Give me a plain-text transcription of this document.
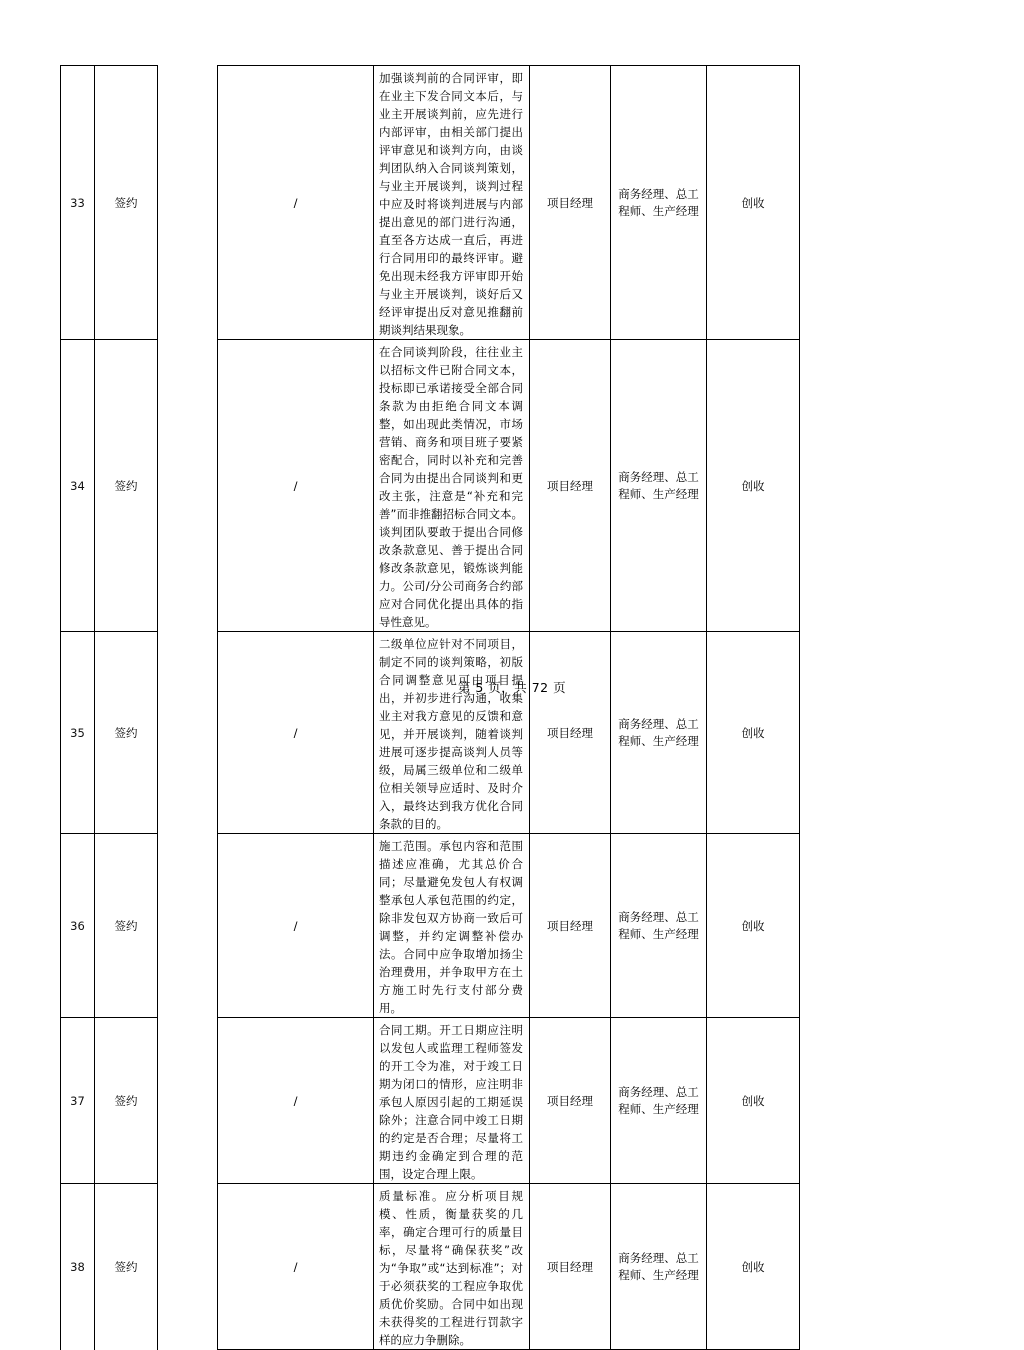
33	签约		/	加强谈判前的合同评审，即在业主下发合同文本后，与业主开展谈判前，应先进行内部评审，由相关部门提出评审意见和谈判方向，由谈判团队纳入合同谈判策划，与业主开展谈判，谈判过程中应及时将谈判进展与内部提出意见的部门进行沟通，直至各方达成一直后，再进行合同用印的最终评审。避免出现未经我方评审即开始与业主开展谈判，谈好后又经评审提出反对意见推翻前期谈判结果现象。	项目经理	商务经理、总工程师、生产经理	创收
34	签约		/	在合同谈判阶段，往往业主以招标文件已附合同文本，投标即已承诺接受全部合同条款为由拒绝合同文本调整，如出现此类情况，市场营销、商务和项目班子要紧密配合，同时以补充和完善合同为由提出合同谈判和更改主张，注意是“补充和完善”而非推翻招标合同文本。谈判团队要敢于提出合同修改条款意见、善于提出合同修改条款意见，锻炼谈判能力。公司/分公司商务合约部应对合同优化提出具体的指导性意见。	项目经理	商务经理、总工程师、生产经理	创收
35	签约		/	二级单位应针对不同项目，制定不同的谈判策略，初版合同调整意见可由项目提出，并初步进行沟通，收集业主对我方意见的反馈和意见，并开展谈判，随着谈判进展可逐步提高谈判人员等级，局属三级单位和二级单位相关领导应适时、及时介入，最终达到我方优化合同条款的目的。	项目经理	商务经理、总工程师、生产经理	创收
36	签约		/	施工范围。承包内容和范围描述应准确，尤其总价合同；尽量避免发包人有权调整承包人承包范围的约定，除非发包双方协商一致后可调整，并约定调整补偿办法。合同中应争取增加扬尘治理费用，并争取甲方在土方施工时先行支付部分费用。	项目经理	商务经理、总工程师、生产经理	创收
37	签约		/	合同工期。开工日期应注明以发包人或监理工程师签发的开工令为准，对于竣工日期为闭口的情形，应注明非承包人原因引起的工期延误除外；注意合同中竣工日期的约定是否合理；尽量将工期违约金确定到合理的范围，设定合理上限。	项目经理	商务经理、总工程师、生产经理	创收
38	签约		/	质量标准。应分析项目规模、性质，衡量获奖的几率，确定合理可行的质量目标，尽量将“确保获奖”改为“争取”或“达到标准”；对于必须获奖的工程应争取优质优价奖励。合同中如出现未获得奖的工程进行罚款字样的应力争删除。	项目经理	商务经理、总工程师、生产经理	创收
第 5 页，共 72 页
